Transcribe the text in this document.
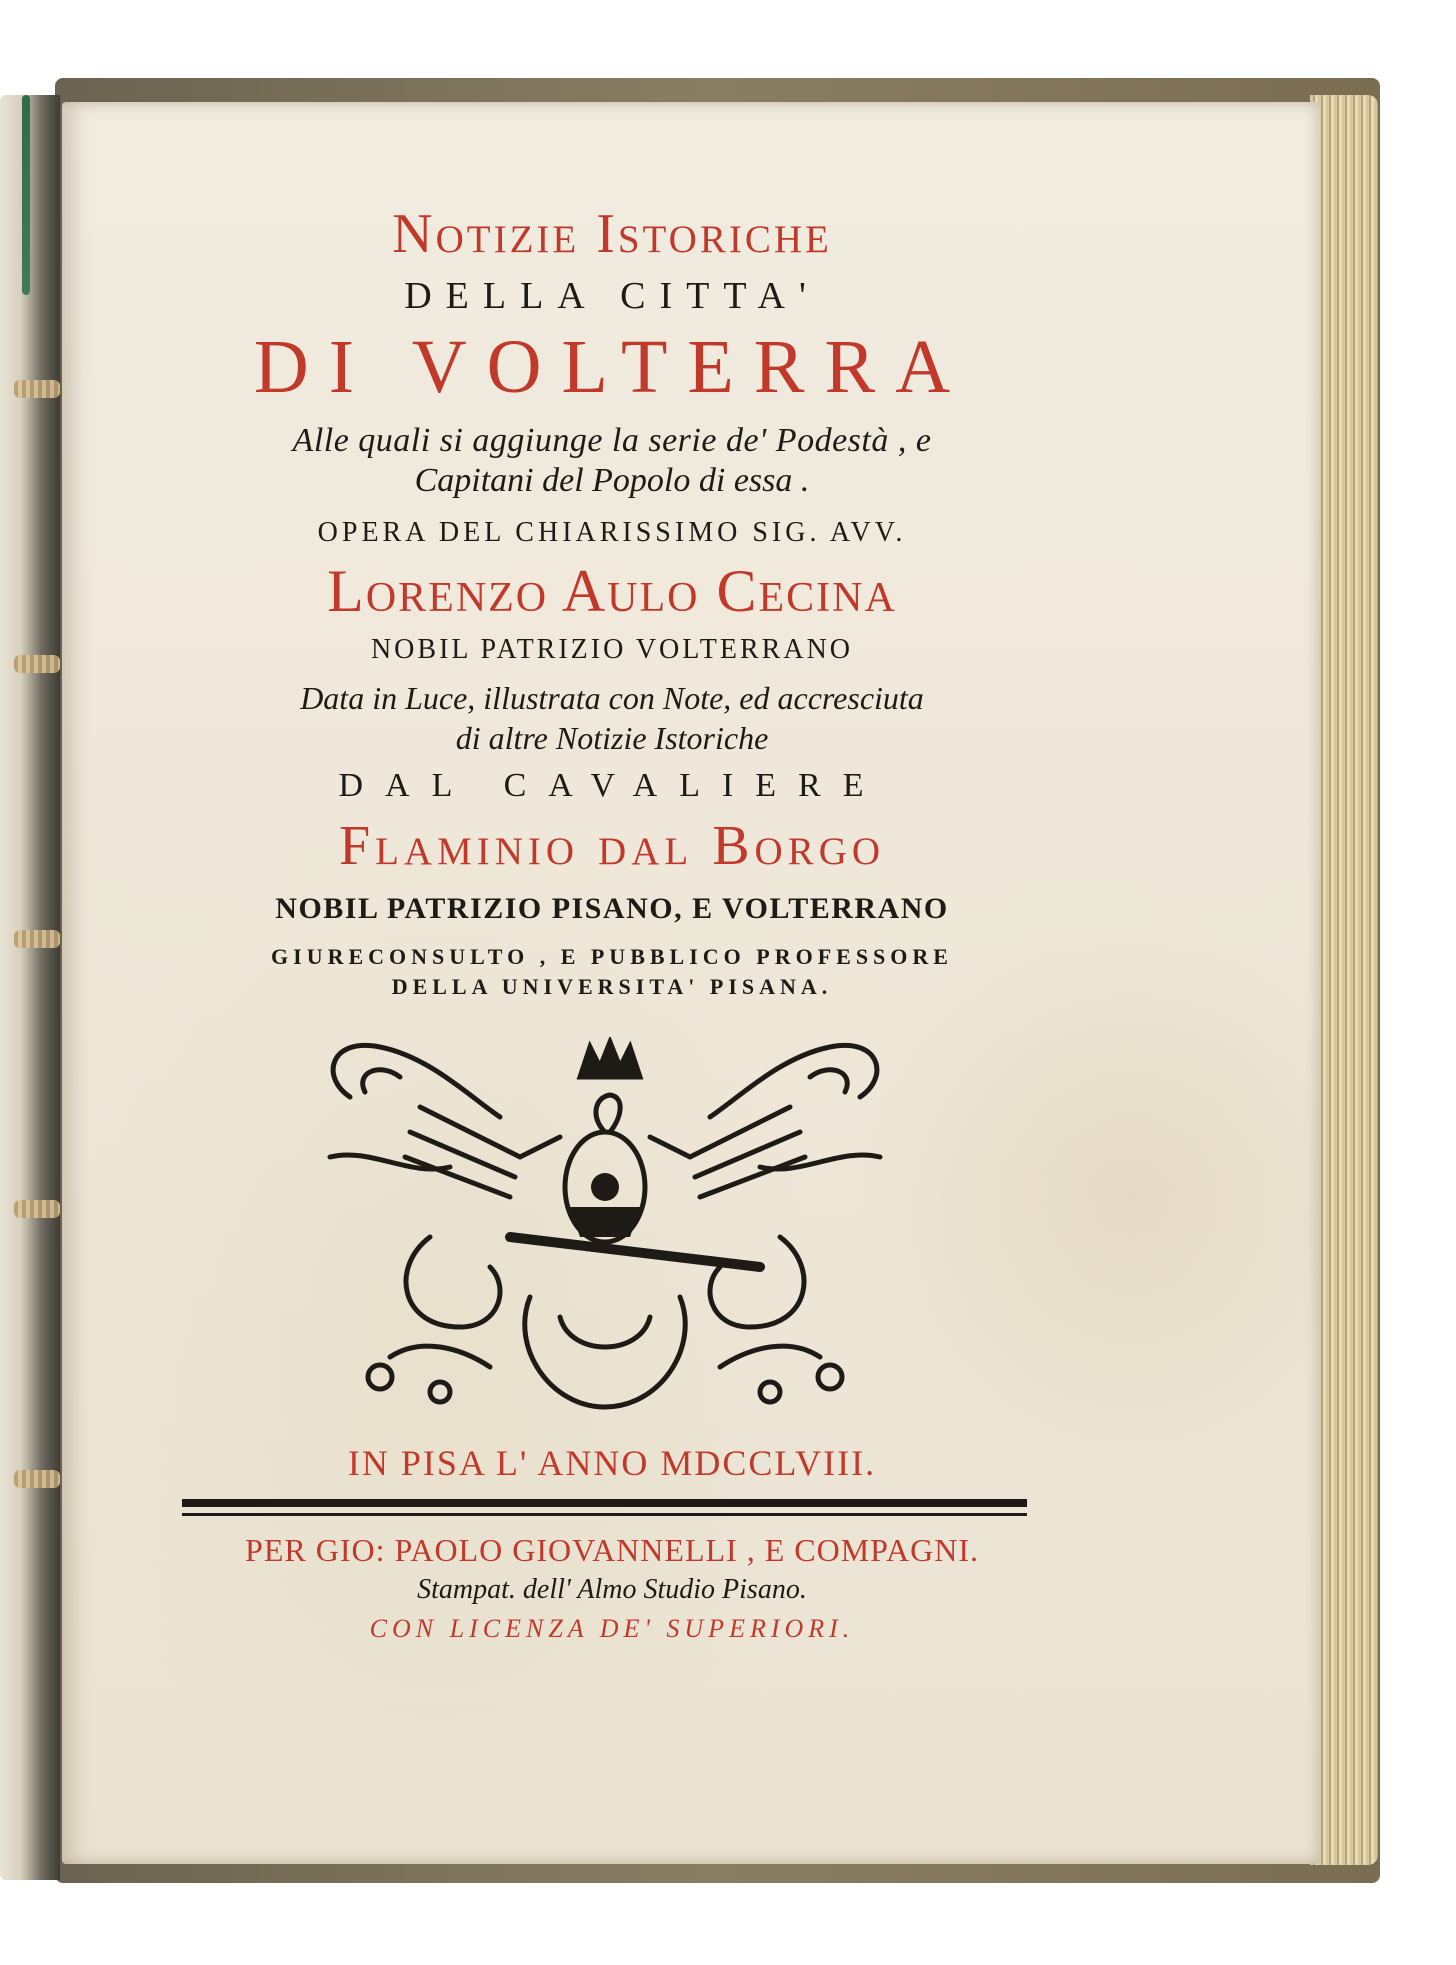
Notizie Istoriche
DELLA CITTA'
DI VOLTERRA
Alle quali si aggiunge la serie de' Podestà , e
Capitani del Popolo di essa .
OPERA DEL CHIARISSIMO SIG. AVV.
Lorenzo Aulo Cecina
NOBIL PATRIZIO VOLTERRANO
Data in Luce, illustrata con Note, ed accresciuta
di altre Notizie Istoriche
DAL CAVALIERE
Flaminio dal Borgo
NOBIL PATRIZIO PISANO, E VOLTERRANO
GIURECONSULTO , E PUBBLICO PROFESSORE
DELLA UNIVERSITA' PISANA.
IN PISA L' ANNO MDCCLVIII.
PER GIO: PAOLO GIOVANNELLI , E COMPAGNI.
Stampat. dell' Almo Studio Pisano.
CON LICENZA DE' SUPERIORI.
